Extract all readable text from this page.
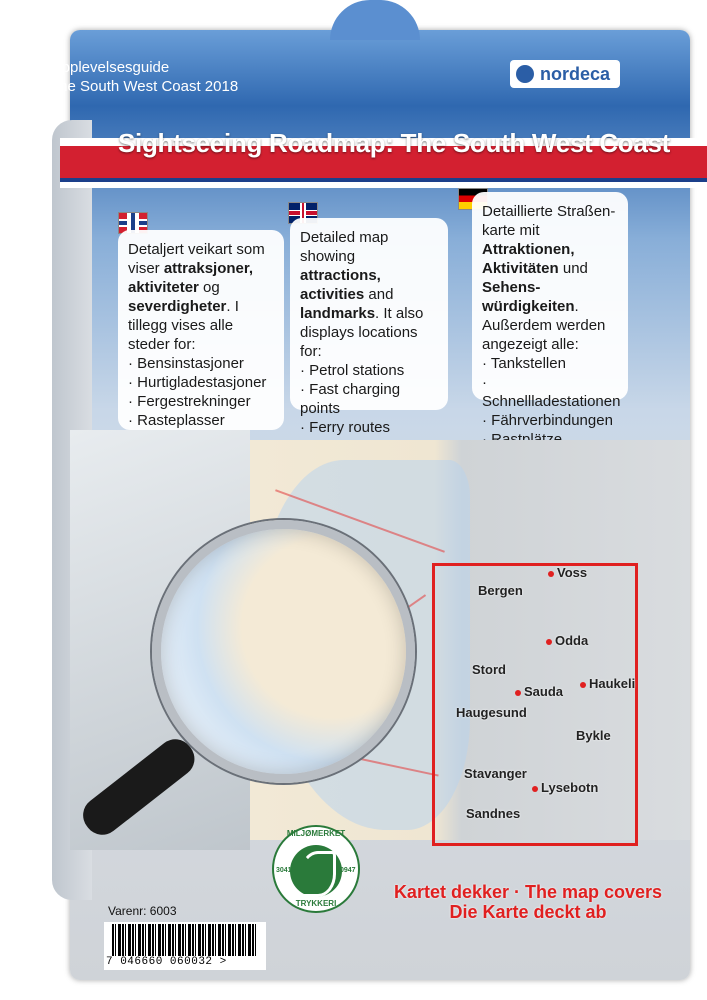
Opplevelsesguide
The South West Coast 2018
nordeca
Sightseeing Roadmap: The South West Coast
Detaljert veikart som viser attraksjoner, aktiviteter og severdigheter. I tillegg vises alle steder for:
· Bensinstasjoner
· Hurtigladestasjoner
· Fergestrekninger
· Rasteplasser
·
Detailed map showing attractions, activities and landmarks. It also displays locations for:
· Petrol stations
· Fast charging points
· Ferry routes
·
·
Detaillierte Straßen-karte mit Attraktionen, Aktivitäten und Sehens-würdigkeiten. Außerdem werden angezeigt alle:
· Tankstellen
· Schnellladestationen
· Fährverbindungen
·
·
Voss
Bergen
Odda
Stord
Sauda
Haukeli
Haugesund
Bykle
Stavanger
Lysebotn
Sandnes
Kartet dekker · The map covers
Die Karte deckt ab
MILJØMERKET
3041	0947
TRYKKERI
Varenr: 6003
7 046660 060032 >
